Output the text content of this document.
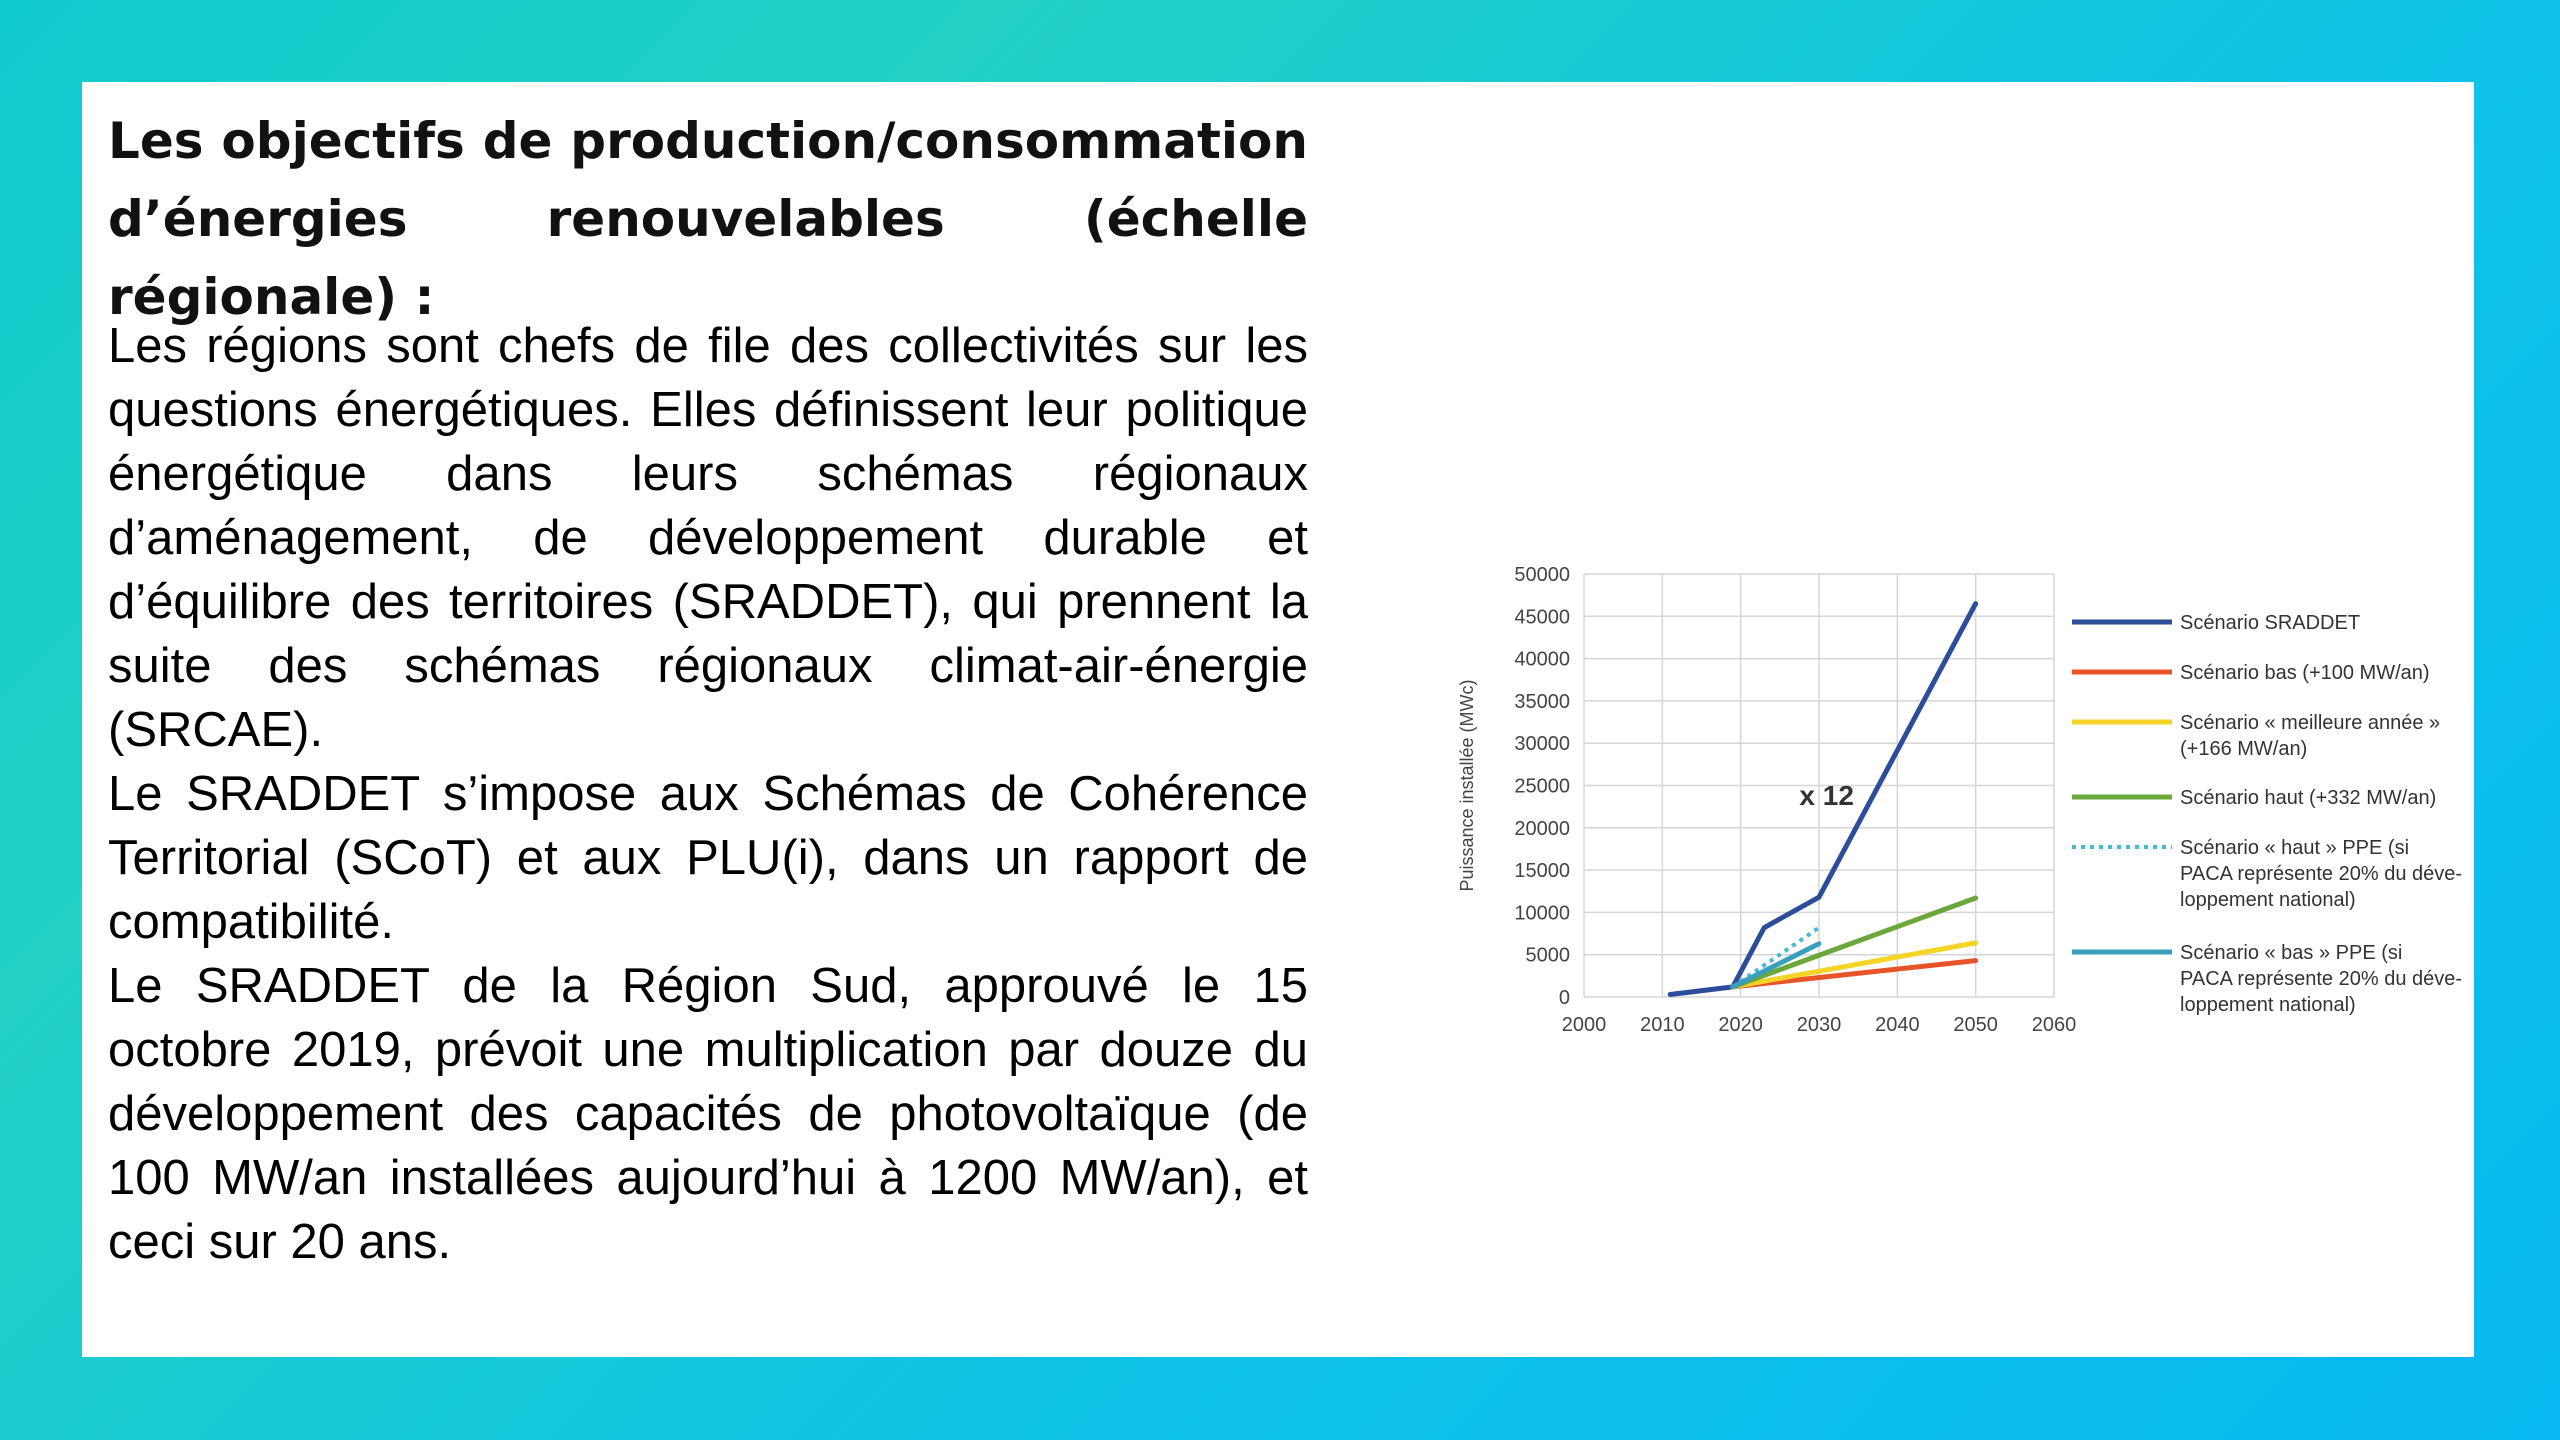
Les objectifs de production/consommation d’énergies renouvelables (échelle régionale) :

Les régions sont chefs de file des collectivités sur les questions énergétiques. Elles définissent leur politique énergétique dans leurs schémas régionaux d’aménagement, de développement durable et d’équilibre des territoires (SRADDET), qui prennent la suite des schémas régionaux climat-air-énergie (SRCAE).

Le SRADDET s’impose aux Schémas de Cohérence Territorial (SCoT) et aux PLU(i), dans un rapport de compatibilité.

Le SRADDET de la Région Sud, approuvé le 15 octobre 2019, prévoit une multiplication par douze du développement des capacités de photovoltaïque (de 100 MW/an installées aujourd’hui à 1200 MW/an), et ceci sur 20 ans.

0
5000
10000
15000
20000
25000
30000
35000
40000
45000
50000
2000 2010 2020 2030 2040 2050 2060
Puissance installée (MWc)	x 12
Scénario SRADDET
Scénario bas (+100 MW/an)
Scénario « meilleure année » (+166 MW/an)
Scénario haut (+332 MW/an)
Scénario « haut » PPE (si PACA représente 20% du déve-loppement national)
Scénario « bas » PPE (si PACA représente 20% du déve-loppement national)
